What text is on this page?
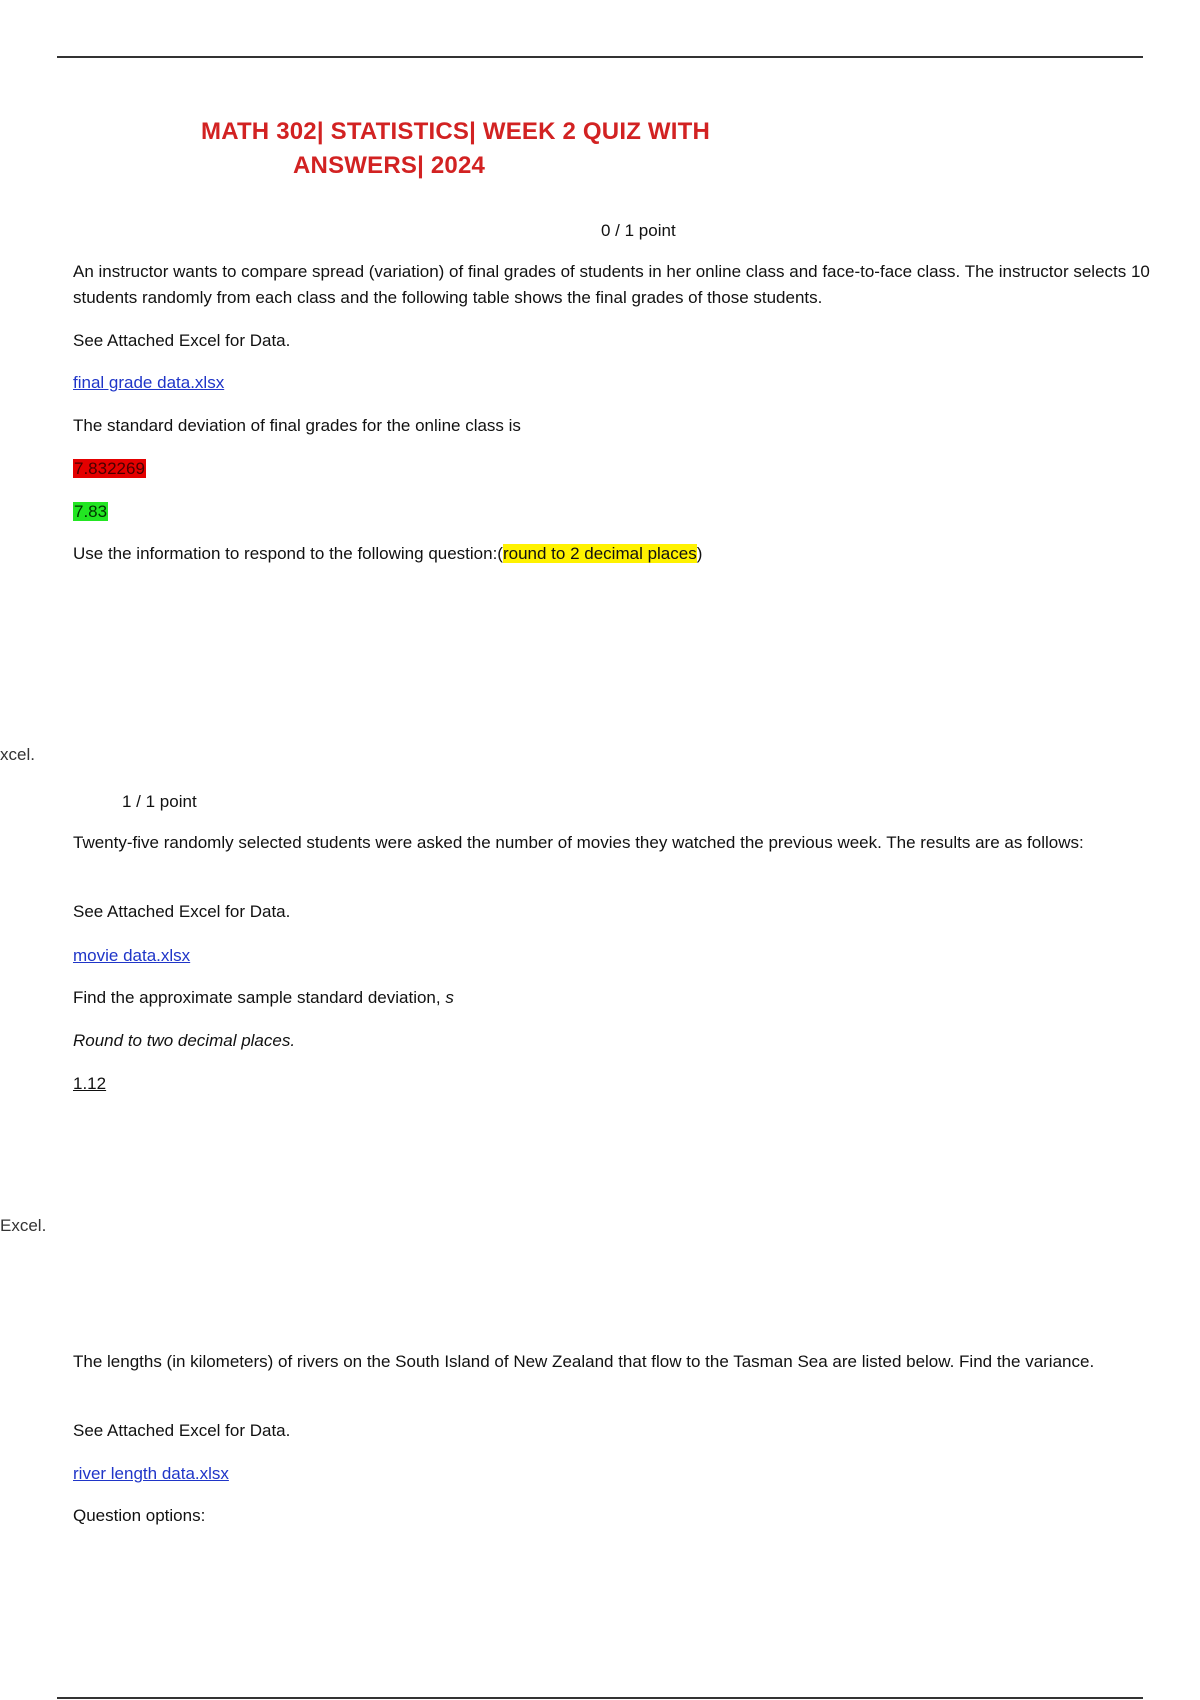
MATH 302| STATISTICS| WEEK 2 QUIZ WITH
ANSWERS| 2024
0 / 1 point
An instructor wants to compare spread (variation) of final grades of students in her online class and face-to-face class. The instructor selects 10 students randomly from each class and the following table shows the final grades of those students.
See Attached Excel for Data.
final grade data.xlsx
The standard deviation of final grades for the online class is
7.832269
7.83
Use the information to respond to the following question:(round to 2 decimal places)
xcel.
1 / 1 point
Twenty-five randomly selected students were asked the number of movies they watched the previous week. The results are as follows:
See Attached Excel for Data.
movie data.xlsx
Find the approximate sample standard deviation, s
Round to two decimal places.
1.12
Excel.
The lengths (in kilometers) of rivers on the South Island of New Zealand that flow to the Tasman Sea are listed below. Find the variance.
See Attached Excel for Data.
river length data.xlsx
Question options:
